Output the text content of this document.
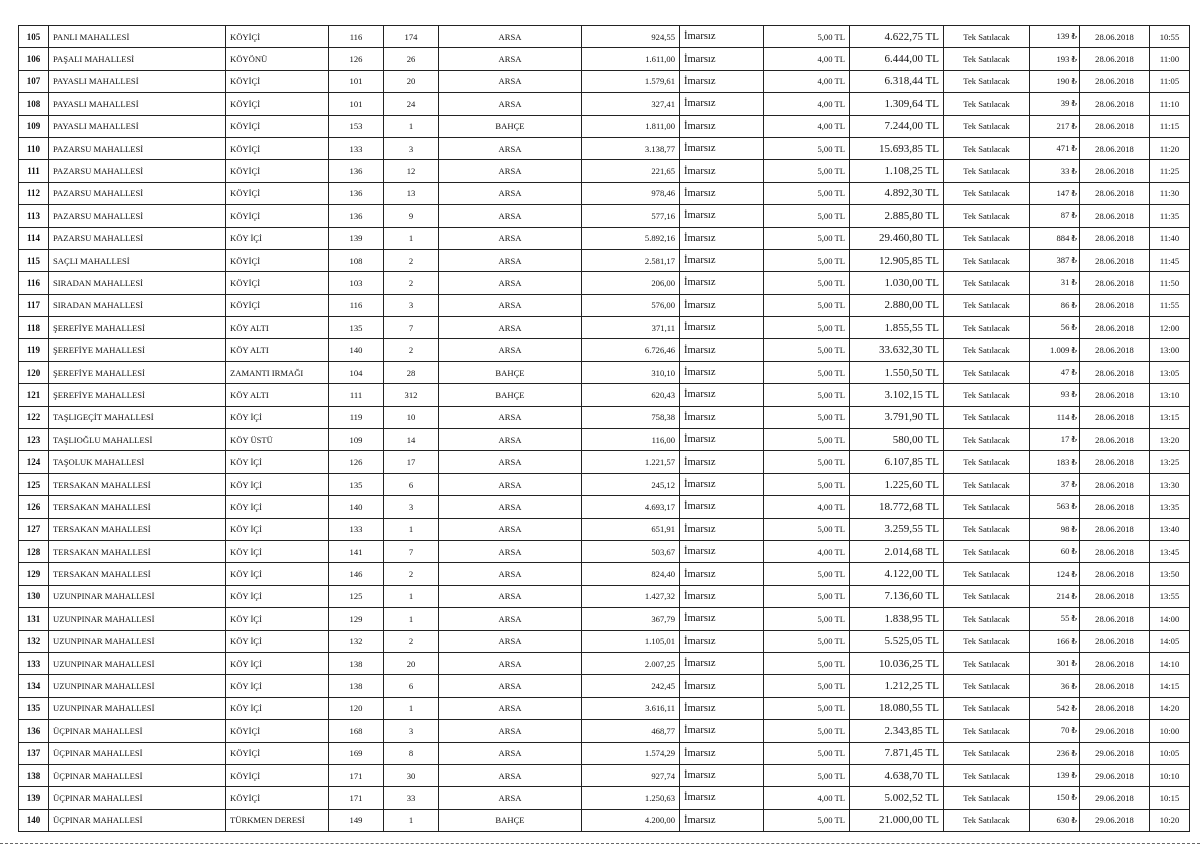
105	PANLI MAHALLESİ	KÖYİÇİ	116	174	ARSA	924,55	İmarsız	5,00 TL	4.622,75 TL	Tek Satılacak	139 ₺	28.06.2018	10:55
106	PAŞALI MAHALLESİ	KÖYÖNÜ	126	26	ARSA	1.611,00	İmarsız	4,00 TL	6.444,00 TL	Tek Satılacak	193 ₺	28.06.2018	11:00
107	PAYASLI MAHALLESİ	KÖYİÇİ	101	20	ARSA	1.579,61	İmarsız	4,00 TL	6.318,44 TL	Tek Satılacak	190 ₺	28.06.2018	11:05
108	PAYASLI MAHALLESİ	KÖYİÇİ	101	24	ARSA	327,41	İmarsız	4,00 TL	1.309,64 TL	Tek Satılacak	39 ₺	28.06.2018	11:10
109	PAYASLI MAHALLESİ	KÖYİÇİ	153	1	BAHÇE	1.811,00	İmarsız	4,00 TL	7.244,00 TL	Tek Satılacak	217 ₺	28.06.2018	11:15
110	PAZARSU MAHALLESİ	KÖYİÇİ	133	3	ARSA	3.138,77	İmarsız	5,00 TL	15.693,85 TL	Tek Satılacak	471 ₺	28.06.2018	11:20
111	PAZARSU MAHALLESİ	KÖYİÇİ	136	12	ARSA	221,65	İmarsız	5,00 TL	1.108,25 TL	Tek Satılacak	33 ₺	28.06.2018	11:25
112	PAZARSU MAHALLESİ	KÖYİÇİ	136	13	ARSA	978,46	İmarsız	5,00 TL	4.892,30 TL	Tek Satılacak	147 ₺	28.06.2018	11:30
113	PAZARSU MAHALLESİ	KÖYİÇİ	136	9	ARSA	577,16	İmarsız	5,00 TL	2.885,80 TL	Tek Satılacak	87 ₺	28.06.2018	11:35
114	PAZARSU MAHALLESİ	KÖY İÇİ	139	1	ARSA	5.892,16	İmarsız	5,00 TL	29.460,80 TL	Tek Satılacak	884 ₺	28.06.2018	11:40
115	SAÇLI MAHALLESİ	KÖYİÇİ	108	2	ARSA	2.581,17	İmarsız	5,00 TL	12.905,85 TL	Tek Satılacak	387 ₺	28.06.2018	11:45
116	SIRADAN MAHALLESİ	KÖYİÇİ	103	2	ARSA	206,00	İmarsız	5,00 TL	1.030,00 TL	Tek Satılacak	31 ₺	28.06.2018	11:50
117	SIRADAN MAHALLESİ	KÖYİÇİ	116	3	ARSA	576,00	İmarsız	5,00 TL	2.880,00 TL	Tek Satılacak	86 ₺	28.06.2018	11:55
118	ŞEREFİYE MAHALLESİ	KÖY ALTI	135	7	ARSA	371,11	İmarsız	5,00 TL	1.855,55 TL	Tek Satılacak	56 ₺	28.06.2018	12:00
119	ŞEREFİYE MAHALLESİ	KÖY ALTI	140	2	ARSA	6.726,46	İmarsız	5,00 TL	33.632,30 TL	Tek Satılacak	1.009 ₺	28.06.2018	13:00
120	ŞEREFİYE MAHALLESİ	ZAMANTI IRMAĞI	104	28	BAHÇE	310,10	İmarsız	5,00 TL	1.550,50 TL	Tek Satılacak	47 ₺	28.06.2018	13:05
121	ŞEREFİYE MAHALLESİ	KÖY ALTI	111	312	BAHÇE	620,43	İmarsız	5,00 TL	3.102,15 TL	Tek Satılacak	93 ₺	28.06.2018	13:10
122	TAŞLIGEÇİT MAHALLESİ	KÖY İÇİ	119	10	ARSA	758,38	İmarsız	5,00 TL	3.791,90 TL	Tek Satılacak	114 ₺	28.06.2018	13:15
123	TAŞLIOĞLU MAHALLESİ	KÖY ÜSTÜ	109	14	ARSA	116,00	İmarsız	5,00 TL	580,00 TL	Tek Satılacak	17 ₺	28.06.2018	13:20
124	TAŞOLUK MAHALLESİ	KÖY İÇİ	126	17	ARSA	1.221,57	İmarsız	5,00 TL	6.107,85 TL	Tek Satılacak	183 ₺	28.06.2018	13:25
125	TERSAKAN MAHALLESİ	KÖY İÇİ	135	6	ARSA	245,12	İmarsız	5,00 TL	1.225,60 TL	Tek Satılacak	37 ₺	28.06.2018	13:30
126	TERSAKAN MAHALLESİ	KÖY İÇİ	140	3	ARSA	4.693,17	İmarsız	4,00 TL	18.772,68 TL	Tek Satılacak	563 ₺	28.06.2018	13:35
127	TERSAKAN MAHALLESİ	KÖY İÇİ	133	1	ARSA	651,91	İmarsız	5,00 TL	3.259,55 TL	Tek Satılacak	98 ₺	28.06.2018	13:40
128	TERSAKAN MAHALLESİ	KÖY İÇİ	141	7	ARSA	503,67	İmarsız	4,00 TL	2.014,68 TL	Tek Satılacak	60 ₺	28.06.2018	13:45
129	TERSAKAN MAHALLESİ	KÖY İÇİ	146	2	ARSA	824,40	İmarsız	5,00 TL	4.122,00 TL	Tek Satılacak	124 ₺	28.06.2018	13:50
130	UZUNPINAR MAHALLESİ	KÖY İÇİ	125	1	ARSA	1.427,32	İmarsız	5,00 TL	7.136,60 TL	Tek Satılacak	214 ₺	28.06.2018	13:55
131	UZUNPINAR MAHALLESİ	KÖY İÇİ	129	1	ARSA	367,79	İmarsız	5,00 TL	1.838,95 TL	Tek Satılacak	55 ₺	28.06.2018	14:00
132	UZUNPINAR MAHALLESİ	KÖY İÇİ	132	2	ARSA	1.105,01	İmarsız	5,00 TL	5.525,05 TL	Tek Satılacak	166 ₺	28.06.2018	14:05
133	UZUNPINAR MAHALLESİ	KÖY İÇİ	138	20	ARSA	2.007,25	İmarsız	5,00 TL	10.036,25 TL	Tek Satılacak	301 ₺	28.06.2018	14:10
134	UZUNPINAR MAHALLESİ	KÖY İÇİ	138	6	ARSA	242,45	İmarsız	5,00 TL	1.212,25 TL	Tek Satılacak	36 ₺	28.06.2018	14:15
135	UZUNPINAR MAHALLESİ	KÖY İÇİ	120	1	ARSA	3.616,11	İmarsız	5,00 TL	18.080,55 TL	Tek Satılacak	542 ₺	28.06.2018	14:20
136	ÜÇPINAR MAHALLESİ	KÖYİÇİ	168	3	ARSA	468,77	İmarsız	5,00 TL	2.343,85 TL	Tek Satılacak	70 ₺	29.06.2018	10:00
137	ÜÇPINAR MAHALLESİ	KÖYİÇİ	169	8	ARSA	1.574,29	İmarsız	5,00 TL	7.871,45 TL	Tek Satılacak	236 ₺	29.06.2018	10:05
138	ÜÇPINAR MAHALLESİ	KÖYİÇİ	171	30	ARSA	927,74	İmarsız	5,00 TL	4.638,70 TL	Tek Satılacak	139 ₺	29.06.2018	10:10
139	ÜÇPINAR MAHALLESİ	KÖYİÇİ	171	33	ARSA	1.250,63	İmarsız	4,00 TL	5.002,52 TL	Tek Satılacak	150 ₺	29.06.2018	10:15
140	ÜÇPINAR MAHALLESİ	TÜRKMEN DERESİ	149	1	BAHÇE	4.200,00	İmarsız	5,00 TL	21.000,00 TL	Tek Satılacak	630 ₺	29.06.2018	10:20
